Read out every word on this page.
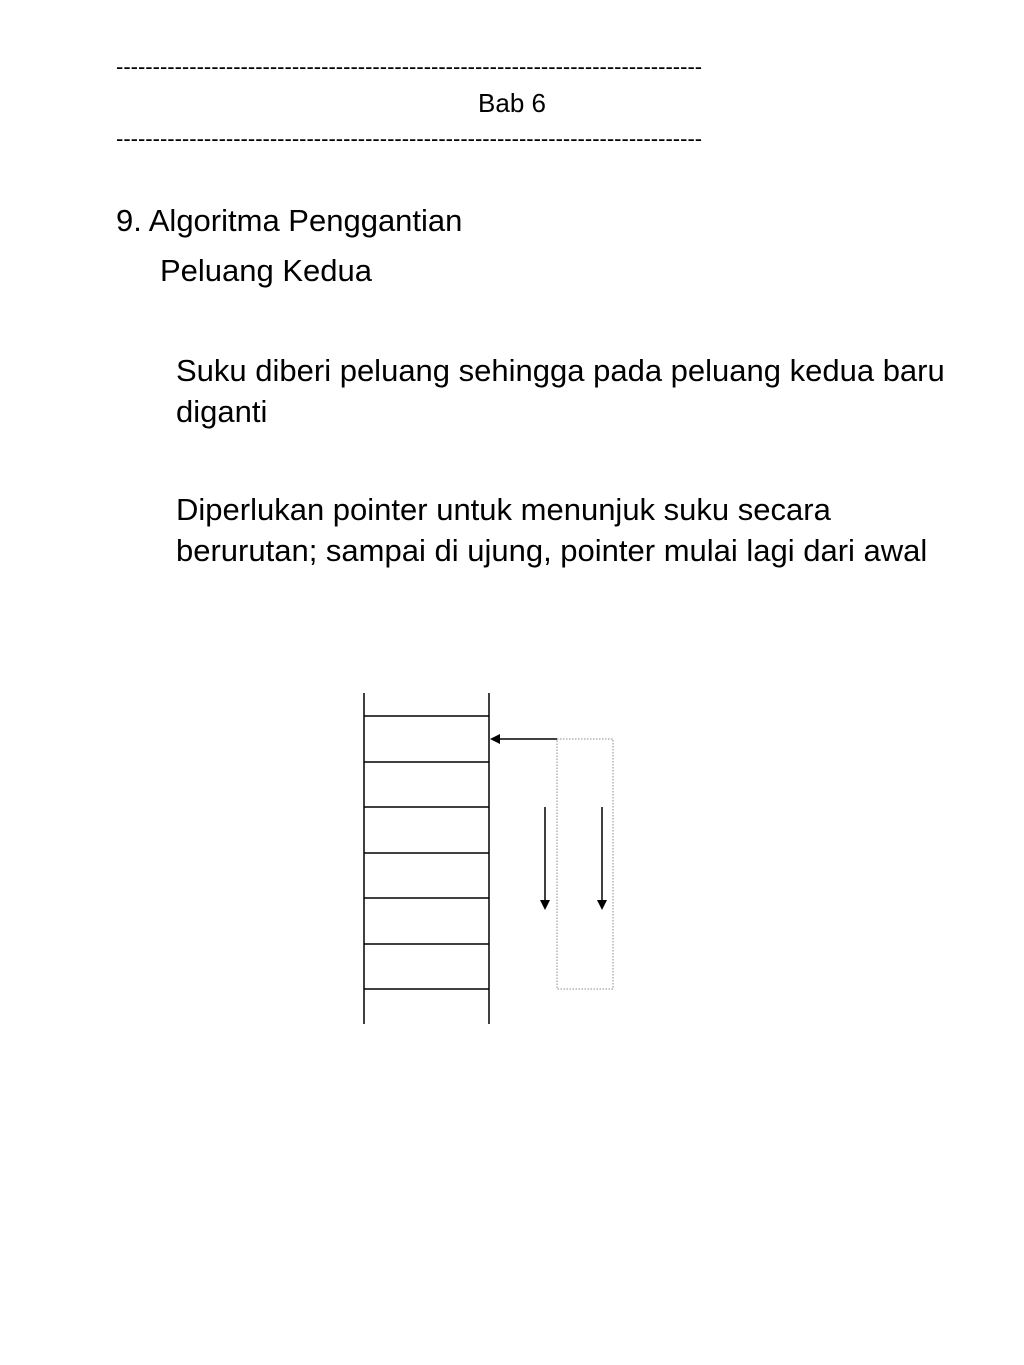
--------------------------------------------------------------------------------
Bab 6
--------------------------------------------------------------------------------
9. Algoritma Penggantian
Peluang Kedua
Suku diberi peluang sehingga pada peluang kedua baru diganti
Diperlukan pointer untuk menunjuk suku secara berurutan; sampai di ujung, pointer mulai lagi dari awal
